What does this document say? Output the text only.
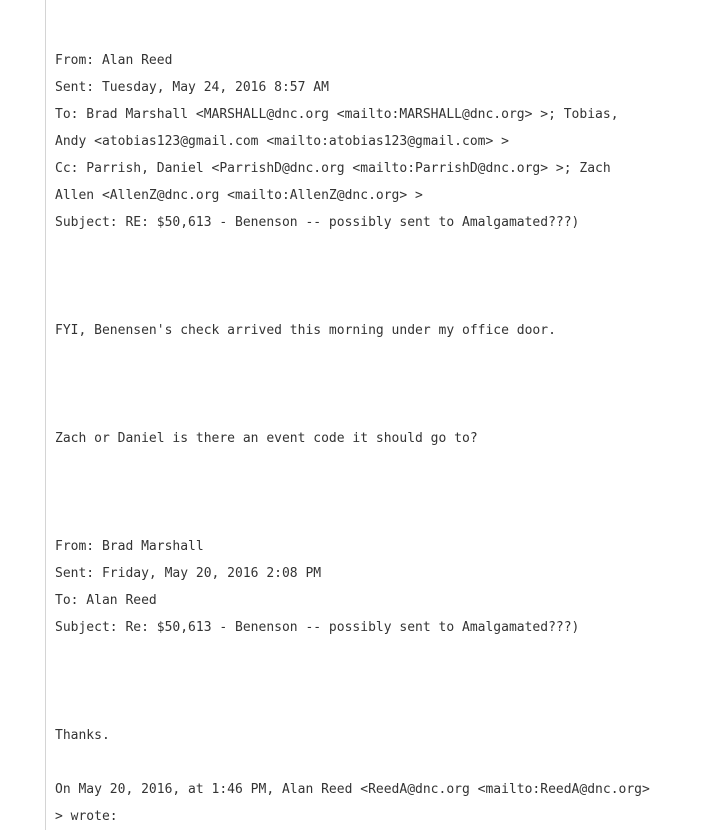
From: Alan Reed
Sent: Tuesday, May 24, 2016 8:57 AM
To: Brad Marshall <MARSHALL@dnc.org <mailto:MARSHALL@dnc.org> >; Tobias,
Andy <atobias123@gmail.com <mailto:atobias123@gmail.com> >
Cc: Parrish, Daniel <ParrishD@dnc.org <mailto:ParrishD@dnc.org> >; Zach
Allen <AllenZ@dnc.org <mailto:AllenZ@dnc.org> >
Subject: RE: $50,613 - Benenson -- possibly sent to Amalgamated???)
FYI, Benensen's check arrived this morning under my office door.
Zach or Daniel is there an event code it should go to?
From: Brad Marshall
Sent: Friday, May 20, 2016 2:08 PM
To: Alan Reed
Subject: Re: $50,613 - Benenson -- possibly sent to Amalgamated???)
Thanks.
On May 20, 2016, at 1:46 PM, Alan Reed <ReedA@dnc.org <mailto:ReedA@dnc.org>
> wrote:
